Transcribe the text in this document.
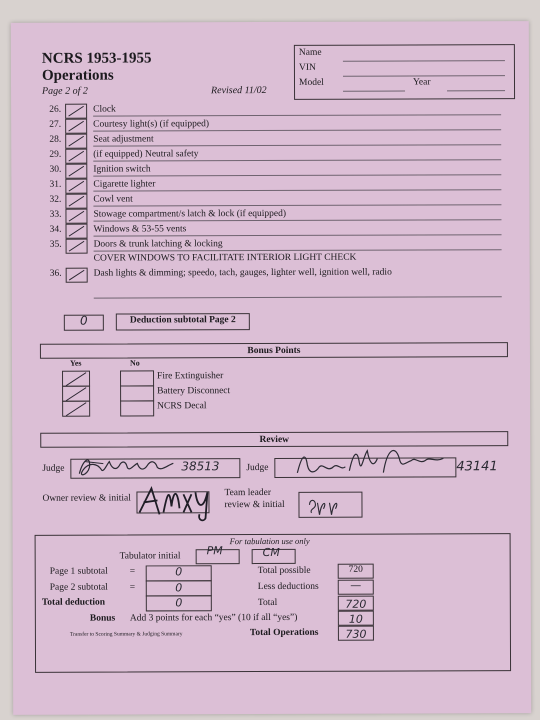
NCRS 1953-1955
Operations
Page 2 of 2	Revised 11/02
Name
VIN
Model	Year
26.	Clock
27.	Courtesy light(s) (if equipped)
28.	Seat adjustment
29.	(if equipped) Neutral safety
30.	Ignition switch
31.	Cigarette lighter
32.	Cowl vent
33.	Stowage compartment/s latch & lock (if equipped)
34.	Windows & 53-55 vents
35.	Doors & trunk latching & locking
COVER WINDOWS TO FACILITATE INTERIOR LIGHT CHECK
36.	Dash lights & dimming; speedo, tach, gauges, lighter well, ignition well, radio
0	Deduction subtotal Page 2
Bonus Points
Yes	No
Fire Extinguisher
Battery Disconnect
NCRS Decal
Review
Judge	38513	Judge	43141
Owner review & initial
Team leader
review & initial
For tabulation use only
Tabulator initial PM	CM
Page 1 subtotal =	0
Page 2 subtotal =	0
Total deduction	0
Total possible	720
Less deductions	—
Total	720
Bonus Add 3 points for each “yes” (10 if all “yes”)	10
Transfer to Scoring Summary & Judging Summary	Total Operations	730
